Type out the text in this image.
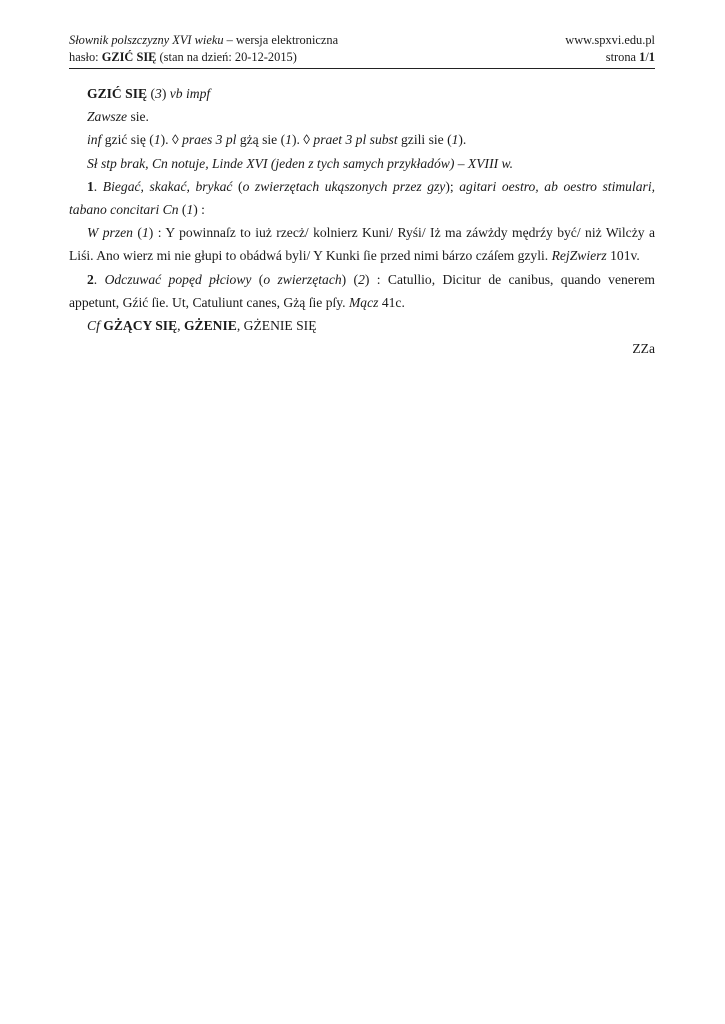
Słownik polszczyzny XVI wieku – wersja elektroniczna	www.spxvi.edu.pl
hasło: GZIĆ SIĘ (stan na dzień: 20-12-2015)	strona 1/1

GZIĆ SIĘ (3) vb impf

Zawsze sie.

inf gzić się (1). ◊ praes 3 pl gżą sie (1). ◊ praet 3 pl subst gzili sie (1).

Sł stp brak, Cn notuje, Linde XVI (jeden z tych samych przykładów) – XVIII w.

1. Biegać, skakać, brykać (o zwierzętach ukąszonych przez gzy); agitari oestro, ab oestro stimulari, tabano concitari Cn (1) :

W przen (1) : Y powinnaſz to iuż rzecż/ kolnierz Kuni/ Ryśi/ Iż ma záwżdy mędrźy być/ niż Wilcży a Liśi. Ano wierz mi nie głupi to obádwá byli/ Y Kunki ſie przed nimi bárzo czáſem gzyli. RejZwierz 101v.

2. Odczuwać popęd płciowy (o zwierzętach) (2) : Catullio, Dicitur de canibus, quando venerem appetunt, Gźić ſie. Ut, Catuliunt canes, Gżą ſie pſy. Mącz 41c.

Cf GŻĄCY SIĘ, GŻENIE, GŻENIE SIĘ

ZZa
